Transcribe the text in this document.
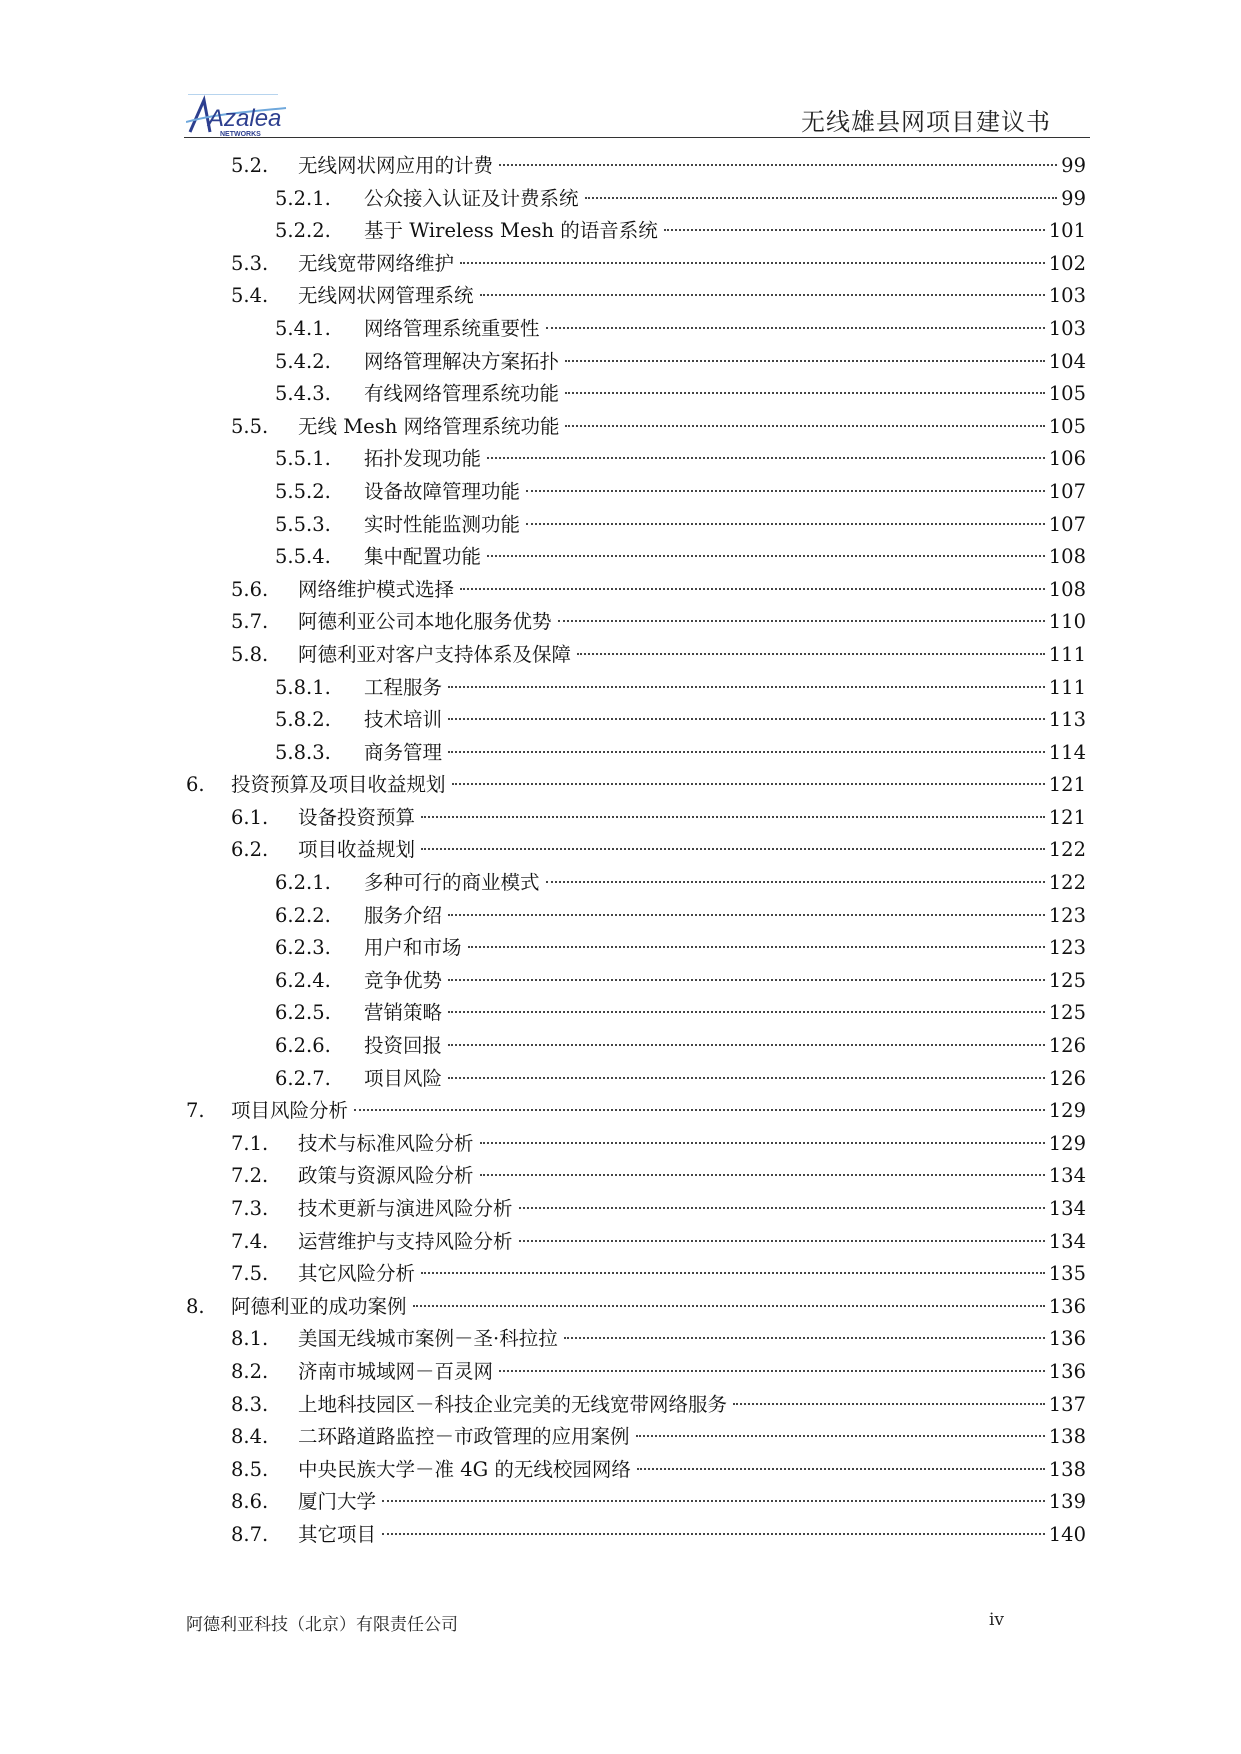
Azalea
NETWORKS	无线雄县网项目建议书
5.2.	无线网状网应用的计费	99
5.2.1.	公众接入认证及计费系统	99
5.2.2.	基于 Wireless Mesh 的语音系统	101
5.3.	无线宽带网络维护	102
5.4.	无线网状网管理系统	103
5.4.1.	网络管理系统重要性	103
5.4.2.	网络管理解决方案拓扑	104
5.4.3.	有线网络管理系统功能	105
5.5.	无线 Mesh 网络管理系统功能	105
5.5.1.	拓扑发现功能	106
5.5.2.	设备故障管理功能	107
5.5.3.	实时性能监测功能	107
5.5.4.	集中配置功能	108
5.6.	网络维护模式选择	108
5.7.	阿德利亚公司本地化服务优势	110
5.8.	阿德利亚对客户支持体系及保障	111
5.8.1.	工程服务	111
5.8.2.	技术培训	113
5.8.3.	商务管理	114
6.	投资预算及项目收益规划	121
6.1.	设备投资预算	121
6.2.	项目收益规划	122
6.2.1.	多种可行的商业模式	122
6.2.2.	服务介绍	123
6.2.3.	用户和市场	123
6.2.4.	竞争优势	125
6.2.5.	营销策略	125
6.2.6.	投资回报	126
6.2.7.	项目风险	126
7.	项目风险分析	129
7.1.	技术与标准风险分析	129
7.2.	政策与资源风险分析	134
7.3.	技术更新与演进风险分析	134
7.4.	运营维护与支持风险分析	134
7.5.	其它风险分析	135
8.	阿德利亚的成功案例	136
8.1.	美国无线城市案例－圣·科拉拉	136
8.2.	济南市城域网－百灵网	136
8.3.	上地科技园区－科技企业完美的无线宽带网络服务	137
8.4.	二环路道路监控－市政管理的应用案例	138
8.5.	中央民族大学－准 4G 的无线校园网络	138
8.6.	厦门大学	139
8.7.	其它项目	140
阿德利亚科技（北京）有限责任公司	iv
